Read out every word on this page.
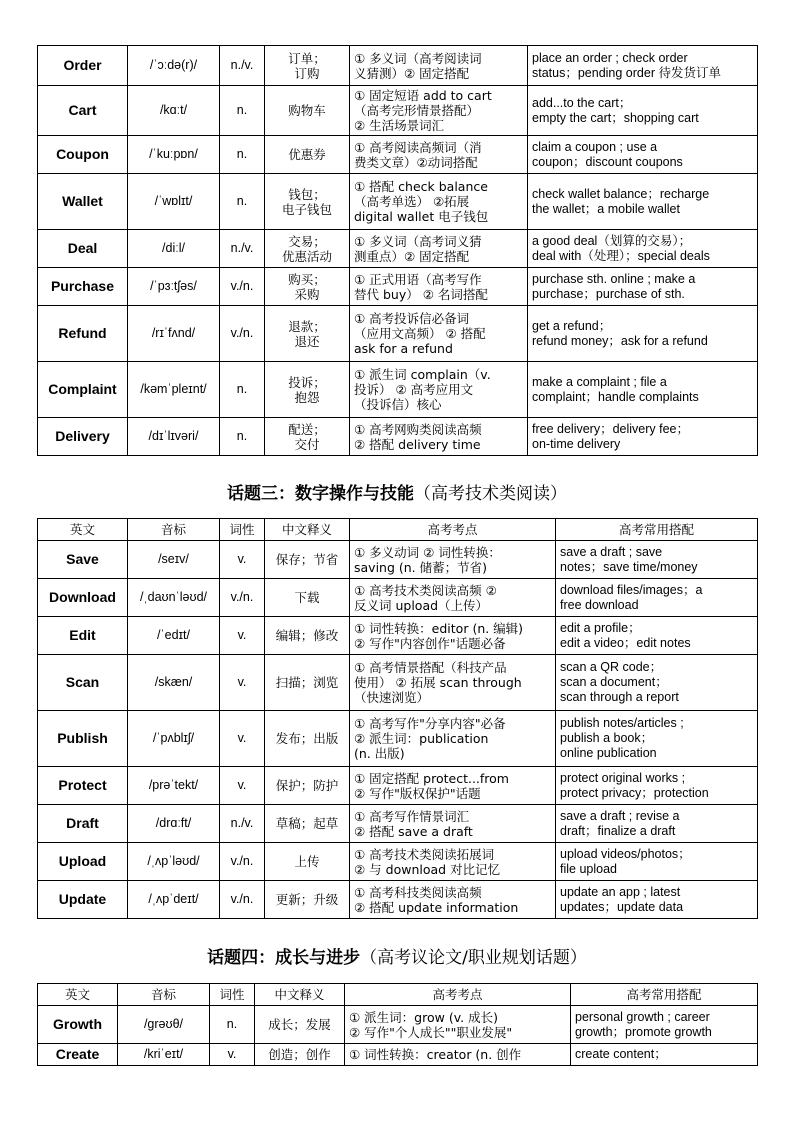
Order	/ˈɔːdə(r)/	n./v.	订单；
订购	① 多义词（高考阅读词
义猜测）② 固定搭配	place an order ; check order
status；pending order 待发货订单

Cart	/kɑːt/	n.	购物车	① 固定短语 add to cart
（高考完形情景搭配）
② 生活场景词汇	add...to the cart；
empty the cart；shopping cart

Coupon	/ˈkuːpɒn/	n.	优惠券	① 高考阅读高频词（消
费类文章）②动词搭配	claim a coupon ; use a
coupon；discount coupons

Wallet	/ˈwɒlɪt/	n.	钱包；
电子钱包	① 搭配 check balance
（高考单选） ②拓展
digital wallet 电子钱包	check wallet balance；recharge
the wallet；a mobile wallet

Deal	/diːl/	n./v.	交易；
优惠活动	① 多义词（高考词义猜
测重点）② 固定搭配	a good deal（划算的交易）；
deal with（处理）；special deals

Purchase	/ˈpɜːtʃəs/	v./n.	购买；
采购	① 正式用语（高考写作
替代 buy） ② 名词搭配	purchase sth. online ; make a
purchase；purchase of sth.

Refund	/rɪˈfʌnd/	v./n.	退款；
退还	① 高考投诉信必备词
（应用文高频） ② 搭配
ask for a refund	get a refund；
refund money；ask for a refund

Complaint	/kəmˈpleɪnt/	n.	投诉；
抱怨	① 派生词 complain（v.
投诉） ② 高考应用文
（投诉信）核心	make a complaint ; file a
complaint；handle complaints

Delivery	/dɪˈlɪvəri/	n.	配送；
交付	① 高考网购类阅读高频
② 搭配 delivery time	free delivery；delivery fee；
on-time delivery
话题三：数字操作与技能（高考技术类阅读）
英文	音标	词性	中文释义	高考考点	高考常用搭配
Save	/seɪv/	v.	保存；节省	① 多义动词 ② 词性转换：
saving (n. 储蓄；节省)	save a draft ; save
notes；save time/money

Download	/ˌdaʊnˈləʊd/	v./n.	下载	① 高考技术类阅读高频 ②
反义词 upload（上传）	download files/images；a
free download

Edit	/ˈedɪt/	v.	编辑；修改	① 词性转换：editor (n. 编辑)
② 写作"内容创作"话题必备	edit a profile；
edit a video；edit notes

Scan	/skæn/	v.	扫描；浏览	① 高考情景搭配（科技产品
使用） ② 拓展 scan through
（快速浏览）	scan a QR code；
scan a document；
scan through a report

Publish	/ˈpʌblɪʃ/	v.	发布；出版	① 高考写作"分享内容"必备
② 派生词：publication
(n. 出版)	publish notes/articles ;
publish a book；
online publication

Protect	/prəˈtekt/	v.	保护；防护	① 固定搭配 protect...from
② 写作"版权保护"话题	protect original works ;
protect privacy；protection

Draft	/drɑːft/	n./v.	草稿；起草	① 高考写作情景词汇
② 搭配 save a draft	save a draft ; revise a
draft；finalize a draft

Upload	/ˌʌpˈləʊd/	v./n.	上传	① 高考技术类阅读拓展词
② 与 download 对比记忆	upload videos/photos；
file upload

Update	/ˌʌpˈdeɪt/	v./n.	更新；升级	① 高考科技类阅读高频
② 搭配 update information	update an app ; latest
updates；update data
话题四：成长与进步（高考议论文/职业规划话题）
英文	音标	词性	中文释义	高考考点	高考常用搭配
Growth	/ɡrəʊθ/	n.	成长；发展	① 派生词：grow (v. 成长)
② 写作"个人成长""职业发展"	personal growth ; career
growth；promote growth

Create	/kriˈeɪt/	v.	创造；创作	① 词性转换：creator (n. 创作	create content；
